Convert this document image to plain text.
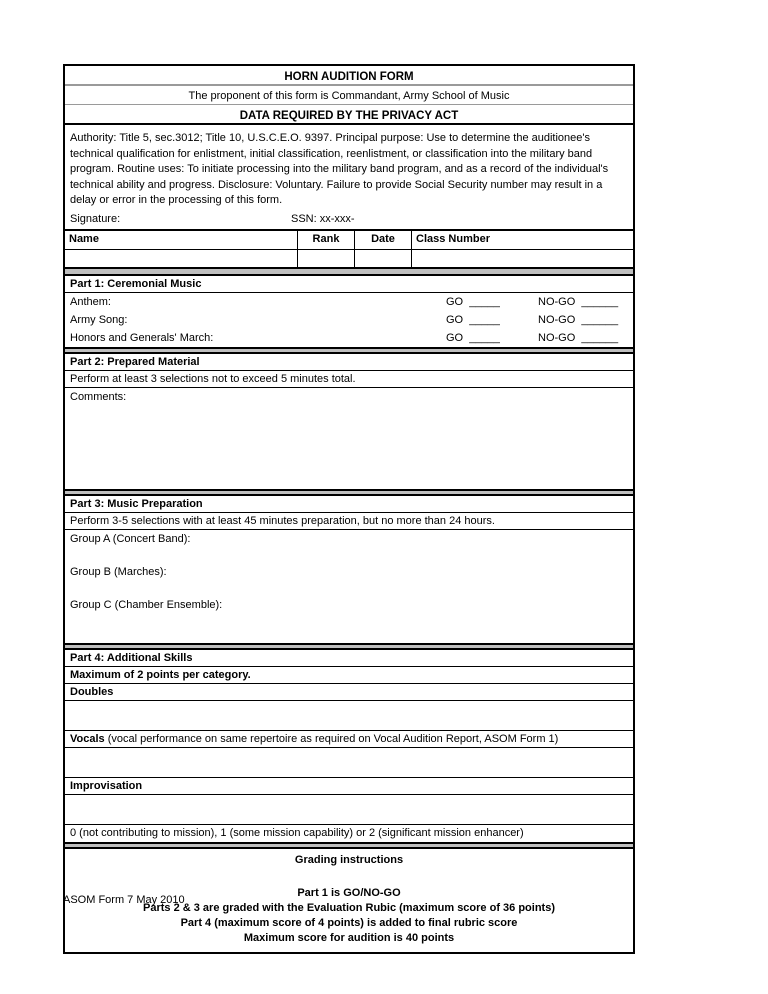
HORN AUDITION FORM
The proponent of this form is Commandant, Army School of Music
DATA REQUIRED BY THE PRIVACY ACT
Authority: Title 5, sec.3012; Title 10, U.S.C.E.O. 9397. Principal purpose: Use to determine the auditionee's technical qualification for enlistment, initial classification, reenlistment, or classification into the military band program. Routine uses: To initiate processing into the military band program, and as a record of the individual's technical ability and progress. Disclosure: Voluntary. Failure to provide Social Security number may result in a delay or error in the processing of this form.
Signature:	SSN: xx-xxx-
Name	Rank	Date	Class Number
Part 1: Ceremonial Music
Anthem:	GO  _____	NO-GO  ______
Army Song:	GO  _____	NO-GO  ______
Honors and Generals' March:	GO  _____	NO-GO  ______
Part 2: Prepared Material
Perform at least 3 selections not to exceed 5 minutes total.
Comments:
Part 3: Music Preparation
Perform 3-5 selections with at least 45 minutes preparation, but no more than 24 hours.
Group A (Concert Band):
Group B (Marches):
Group C (Chamber Ensemble):
Part 4: Additional Skills
Maximum of 2 points per category.
Doubles
Vocals (vocal performance on same repertoire as required on Vocal Audition Report, ASOM Form 1)
Improvisation
0 (not contributing to mission), 1 (some mission capability) or 2 (significant mission enhancer)
Grading instructions
Part 1 is GO/NO-GO
Parts 2 & 3 are graded with the Evaluation Rubic (maximum score of 36 points)
Part 4 (maximum score of 4 points) is added to final rubric score
Maximum score for audition is 40 points
ASOM Form 7 May 2010
